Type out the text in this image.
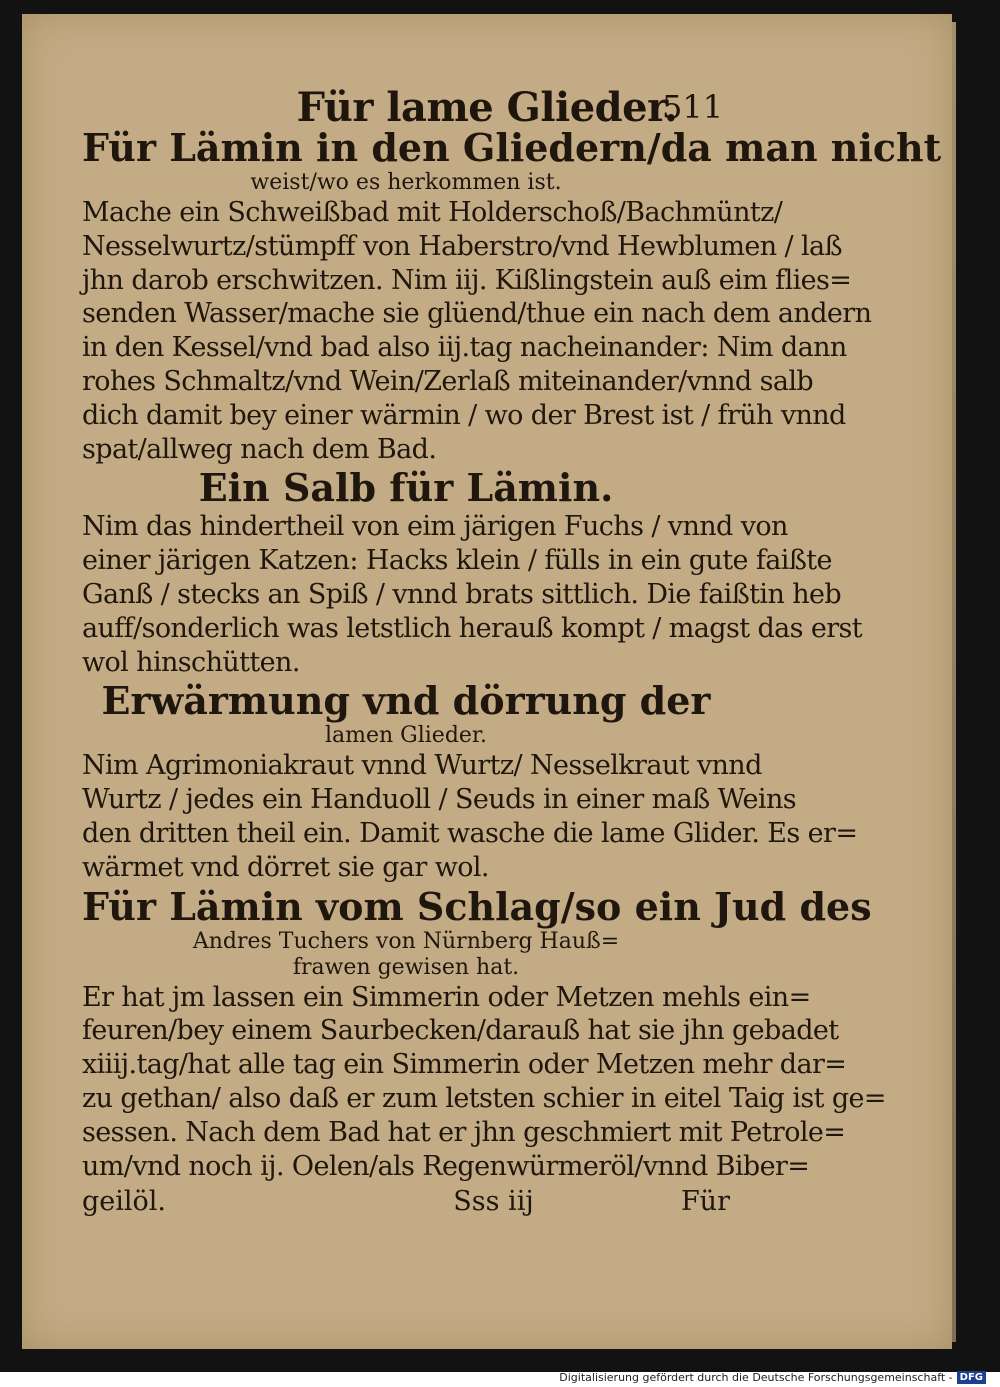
Für lame Glieder.
511
Für Lämin in den Gliedern/da man nicht
weist/wo es herkommen ist.
Mache ein Schweißbad mit Holderschoß/Bachmüntz/
Nesselwurtz/stümpff von Haberstro/vnd Hewblumen / laß
jhn darob erschwitzen. Nim iij. Kißlingstein auß eim flies=
senden Wasser/mache sie glüend/thue ein nach dem andern
in den Kessel/vnd bad also iij.tag nacheinander: Nim dann
rohes Schmaltz/vnd Wein/Zerlaß miteinander/vnnd salb
dich damit bey einer wärmin / wo der Brest ist / früh vnnd
spat/allweg nach dem Bad.
Ein Salb für Lämin.
Nim das hindertheil von eim järigen Fuchs / vnnd von
einer järigen Katzen: Hacks klein / fülls in ein gute faißte
Ganß / stecks an Spiß / vnnd brats sittlich. Die faißtin heb
auff/sonderlich was letstlich herauß kompt / magst das erst
wol hinschütten.
Erwärmung vnd dörrung der
lamen Glieder.
Nim Agrimoniakraut vnnd Wurtz/ Nesselkraut vnnd
Wurtz / jedes ein Handuoll / Seuds in einer maß Weins
den dritten theil ein. Damit wasche die lame Glider. Es er=
wärmet vnd dörret sie gar wol.
Für Lämin vom Schlag/so ein Jud des
Andres Tuchers von Nürnberg Hauß=
frawen gewisen hat.
Er hat jm lassen ein Simmerin oder Metzen mehls ein=
feuren/bey einem Saurbecken/darauß hat sie jhn gebadet
xiiij.tag/hat alle tag ein Simmerin oder Metzen mehr dar=
zu gethan/ also daß er zum letsten schier in eitel Taig ist ge=
sessen. Nach dem Bad hat er jhn geschmiert mit Petrole=
um/vnd noch ij. Oelen/als Regenwürmeröl/vnnd Biber=
geilöl.	Sss iij	Für
Digitalisierung gefördert durch die Deutsche Forschungsgemeinschaft - DFG
